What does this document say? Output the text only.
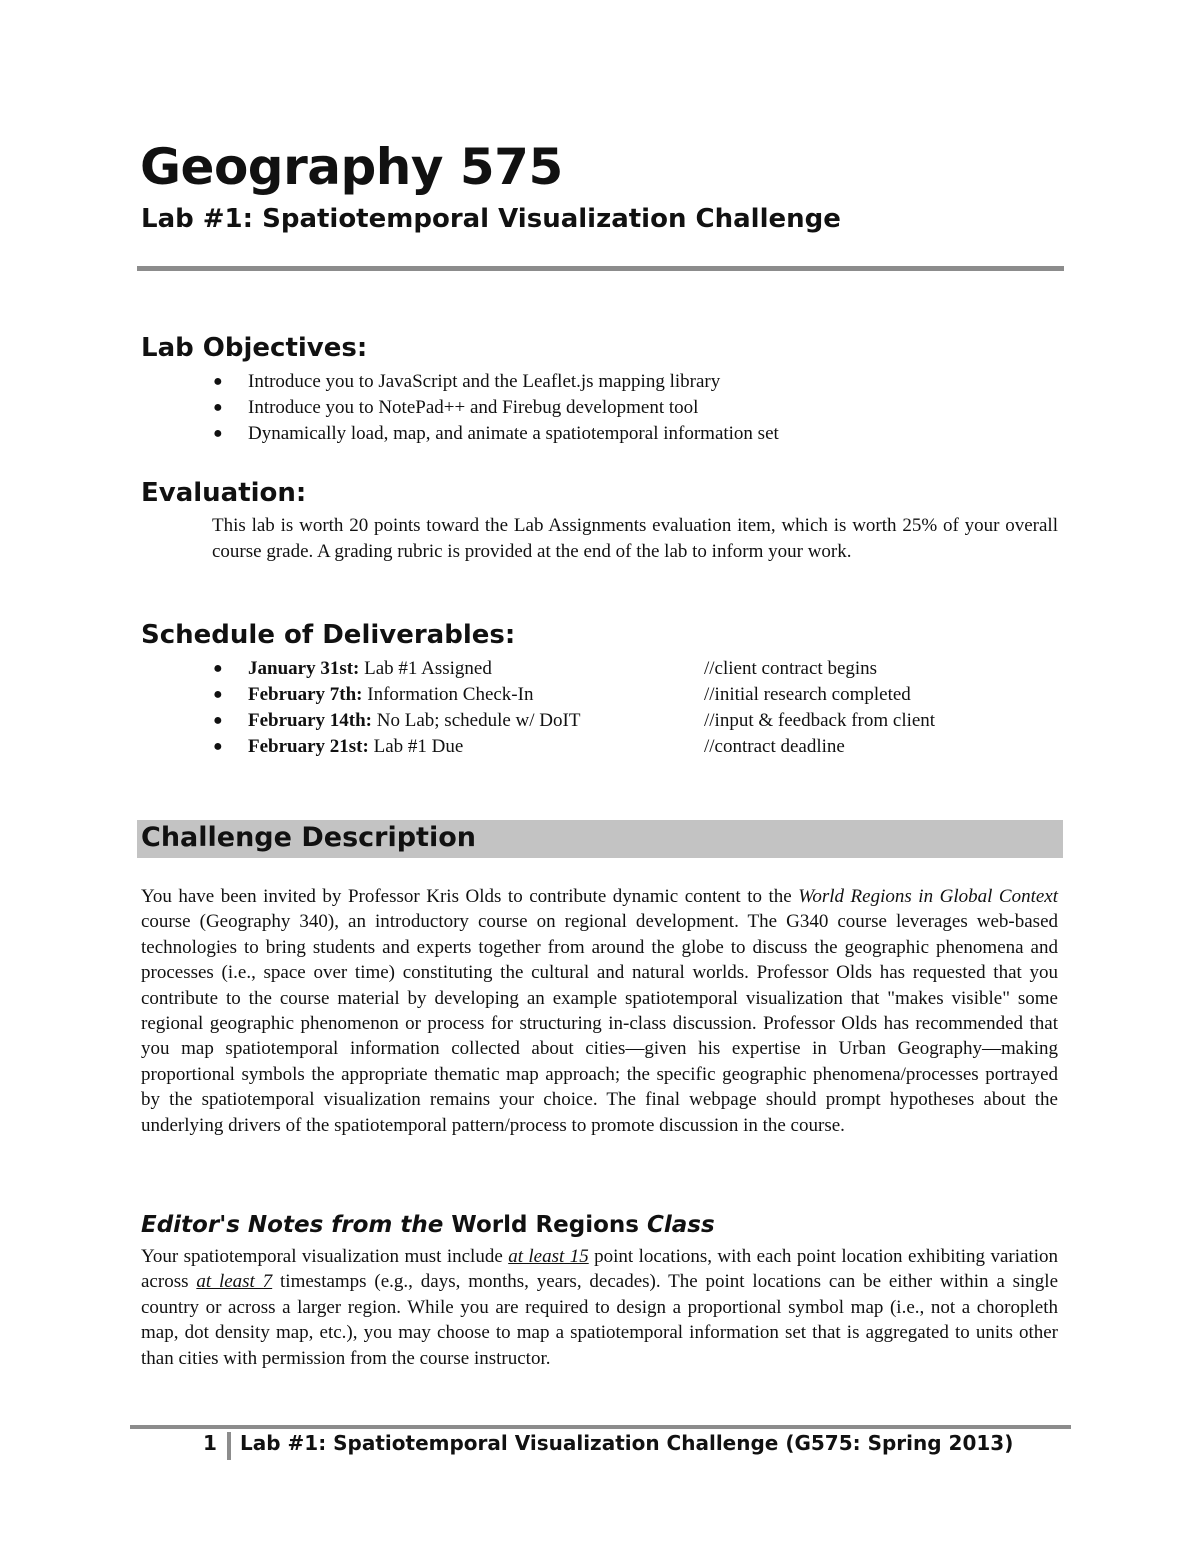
Geography 575
Lab #1: Spatiotemporal Visualization Challenge
Lab Objectives:
● Introduce you to JavaScript and the Leaflet.js mapping library
● Introduce you to NotePad++ and Firebug development tool
● Dynamically load, map, and animate a spatiotemporal information set
Evaluation:

This lab is worth 20 points toward the Lab Assignments evaluation item, which is worth 25% of your overall course grade. A grading rubric is provided at the end of the lab to inform your work.

Schedule of Deliverables:
● January 31st: Lab #1 Assigned	//client contract begins
● February 7th: Information Check-In	//initial research completed
● February 14th: No Lab; schedule w/ DoIT	//input & feedback from client
● February 21st: Lab #1 Due	//contract deadline
Challenge Description

You have been invited by Professor Kris Olds to contribute dynamic content to the World Regions in Global Context course (Geography 340), an introductory course on regional development. The G340 course leverages web-based technologies to bring students and experts together from around the globe to discuss the geographic phenomena and processes (i.e., space over time) constituting the cultural and natural worlds. Professor Olds has requested that you contribute to the course material by developing an example spatiotemporal visualization that "makes visible" some regional geographic phenomenon or process for structuring in-class discussion. Professor Olds has recommended that you map spatiotemporal information collected about cities—given his expertise in Urban Geography—making proportional symbols the appropriate thematic map approach; the specific geographic phenomena/processes portrayed by the spatiotemporal visualization remains your choice. The final webpage should prompt hypotheses about the underlying drivers of the spatiotemporal pattern/process to promote discussion in the course.

Editor's Notes from the World Regions Class

Your spatiotemporal visualization must include at least 15 point locations, with each point location exhibiting variation across at least 7 timestamps (e.g., days, months, years, decades). The point locations can be either within a single country or across a larger region. While you are required to design a proportional symbol map (i.e., not a choropleth map, dot density map, etc.), you may choose to map a spatiotemporal information set that is aggregated to units other than cities with permission from the course instructor.

1 Lab #1: Spatiotemporal Visualization Challenge (G575: Spring 2013)
